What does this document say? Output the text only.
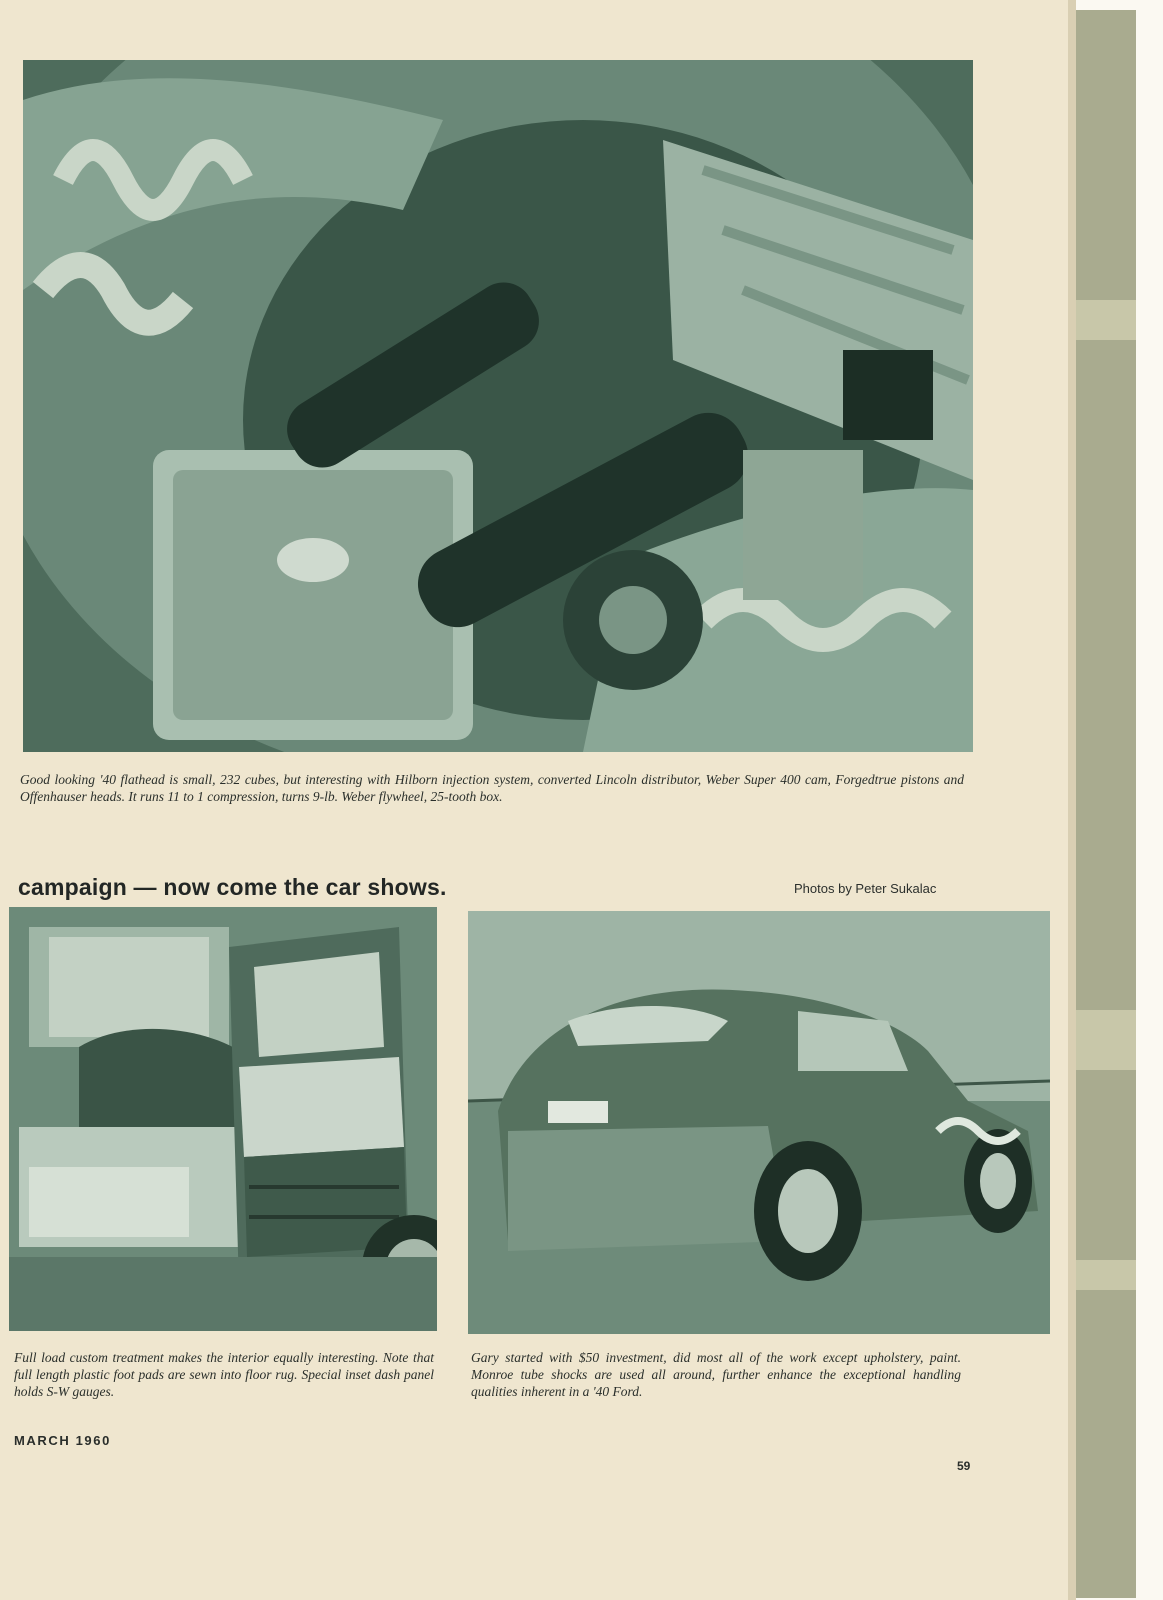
Good looking '40 flathead is small, 232 cubes, but interesting with Hilborn injection system, converted Lincoln distributor, Weber Super 400 cam, Forgedtrue pistons and Offenhauser heads. It runs 11 to 1 compression, turns 9-lb. Weber flywheel, 25-tooth box.

campaign — now come the car shows.	Photos by Peter Sukalac

Full load custom treatment makes the interior equally interesting. Note that full length plastic foot pads are sewn into floor rug. Special inset dash panel holds S-W gauges.

Gary started with $50 investment, did most all of the work except upholstery, paint. Monroe tube shocks are used all around, further enhance the exceptional handling qualities inherent in a '40 Ford.

MARCH 1960

59
